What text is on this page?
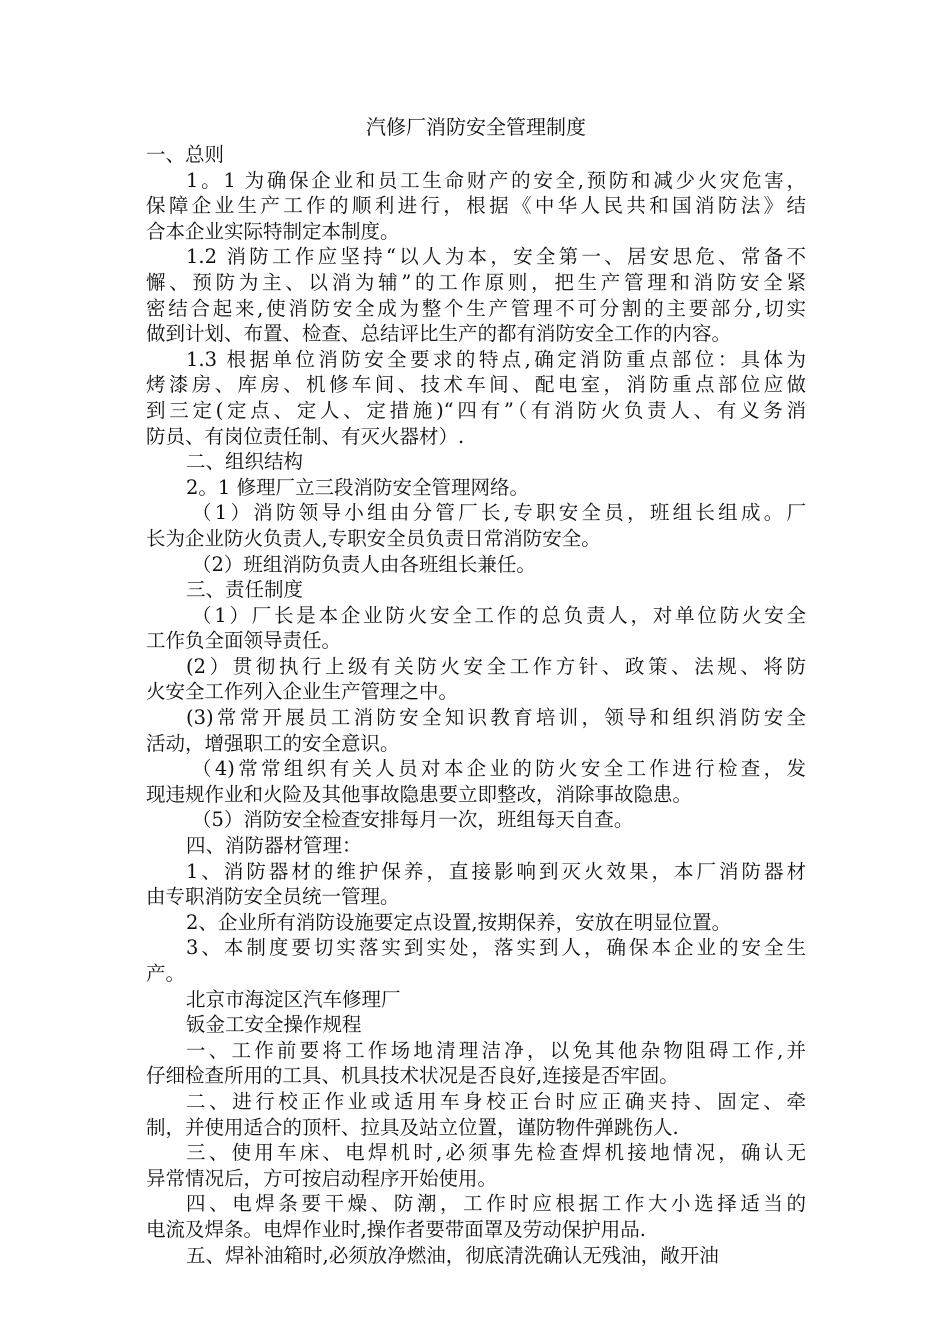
汽修厂消防安全管理制度
一、总则
1。1 为确保企业和员工生命财产的安全,预防和减少火灾危害，
保障企业生产工作的顺利进行，根据《中华人民共和国消防法》结
合本企业实际特制定本制度。
1.2 消防工作应坚持“以人为本，安全第一、居安思危、常备不
懈、预防为主、以消为辅”的工作原则，把生产管理和消防安全紧
密结合起来,使消防安全成为整个生产管理不可分割的主要部分,切实
做到计划、布置、检查、总结评比生产的都有消防安全工作的内容。
1.3 根据单位消防安全要求的特点,确定消防重点部位：具体为
烤漆房、库房、机修车间、技术车间、配电室，消防重点部位应做
到三定(定点、定人、定措施)“四有”（有消防火负责人、有义务消
防员、有岗位责任制、有灭火器材）.
二、组织结构
2。1 修理厂立三段消防安全管理网络。
（1）消防领导小组由分管厂长,专职安全员，班组长组成。厂
长为企业防火负责人,专职安全员负责日常消防安全。
（2）班组消防负责人由各班组长兼任。
三、责任制度
（1）厂长是本企业防火安全工作的总负责人，对单位防火安全
工作负全面领导责任。
(2）贯彻执行上级有关防火安全工作方针、政策、法规、将防
火安全工作列入企业生产管理之中。
(3)常常开展员工消防安全知识教育培训，领导和组织消防安全
活动，增强职工的安全意识。
（4)常常组织有关人员对本企业的防火安全工作进行检查，发
现违规作业和火险及其他事故隐患要立即整改，消除事故隐患。
（5）消防安全检查安排每月一次，班组每天自查。
四、消防器材管理：
1、消防器材的维护保养，直接影响到灭火效果，本厂消防器材
由专职消防安全员统一管理。
2、企业所有消防设施要定点设置,按期保养，安放在明显位置。
3、本制度要切实落实到实处，落实到人，确保本企业的安全生
产。
北京市海淀区汽车修理厂
钣金工安全操作规程
一、工作前要将工作场地清理洁净，以免其他杂物阻碍工作,并
仔细检查所用的工具、机具技术状况是否良好,连接是否牢固。
二、进行校正作业或适用车身校正台时应正确夹持、固定、牵
制，并使用适合的顶杆、拉具及站立位置，谨防物件弹跳伤人.
三、使用车床、电焊机时,必须事先检查焊机接地情况，确认无
异常情况后，方可按启动程序开始使用。
四、电焊条要干燥、防潮，工作时应根据工作大小选择适当的
电流及焊条。电焊作业时,操作者要带面罩及劳动保护用品.
五、焊补油箱时,必须放净燃油，彻底清洗确认无残油，敞开油
